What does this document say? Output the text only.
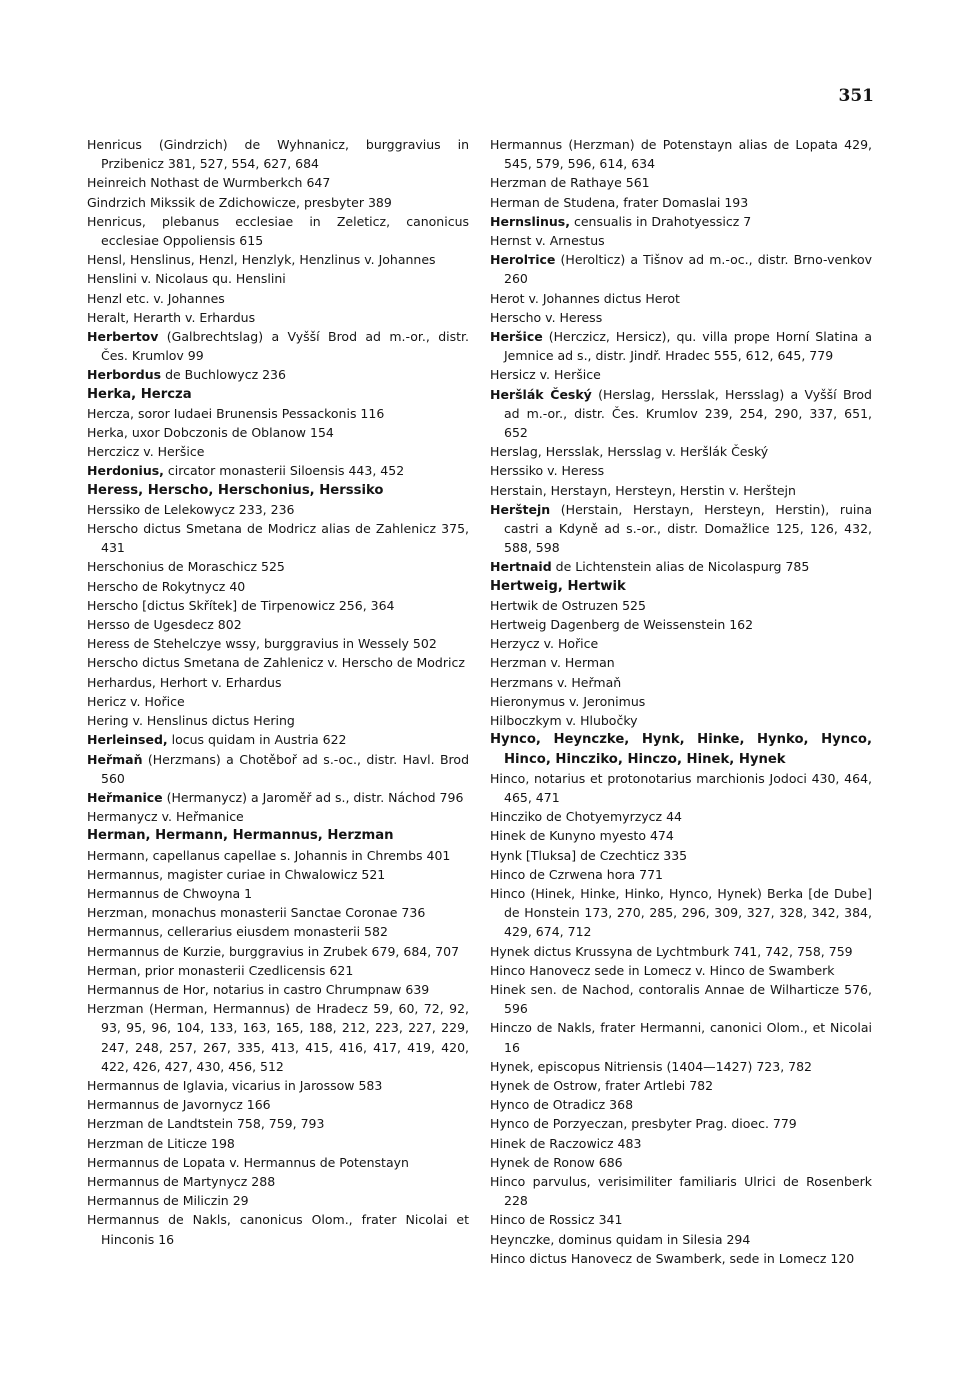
351
Henricus (Gindrzich) de Wyhnanicz, burggravius in Przibenicz 381, 527, 554, 627, 684
Heinreich Nothast de Wurmberkch 647
Gindrzich Mikssik de Zdichowicze, presbyter 389
Henricus, plebanus ecclesiae in Zeleticz, canonicus ecclesiae Oppoliensis 615
Hensl, Henslinus, Henzl, Henzlyk, Henzlinus v. Johannes
Henslini v. Nicolaus qu. Henslini
Henzl etc. v. Johannes
Heralt, Herarth v. Erhardus
Herbertov (Galbrechtslag) a Vyšší Brod ad m.-or., distr. Čes. Krumlov 99
Herbordus de Buchlowycz 236
Herka, Hercza
Hercza, soror Iudaei Brunensis Pessackonis 116
Herka, uxor Dobczonis de Oblanow 154
Herczicz v. Heršice
Herdonius, circator monasterii Siloensis 443, 452
Heress, Herscho, Herschonius, Herssiko
Herssiko de Lelekowycz 233, 236
Herscho dictus Smetana de Modricz alias de Zahlenicz 375, 431
Herschonius de Moraschicz 525
Herscho de Rokytnycz 40
Herscho [dictus Skřítek] de Tirpenowicz 256, 364
Hersso de Ugesdecz 802
Heress de Stehelczye wssy, burggravius in Wessely 502
Herscho dictus Smetana de Zahlenicz v. Herscho de Modricz
Herhardus, Herhort v. Erhardus
Hericz v. Hořice
Hering v. Henslinus dictus Hering
Herleinsed, locus quidam in Austria 622
Heřmaň (Herzmans) a Chotěboř ad s.-oc., distr. Havl. Brod 560
Heřmanice (Hermanycz) a Jaroměř ad s., distr. Náchod 796
Hermanycz v. Heřmanice
Herman, Hermann, Hermannus, Herzman
Hermann, capellanus capellae s. Johannis in Chrembs 401
Hermannus, magister curiae in Chwalowicz 521
Hermannus de Chwoyna 1
Herzman, monachus monasterii Sanctae Coronae 736
Hermannus, cellerarius eiusdem monasterii 582
Hermannus de Kurzie, burggravius in Zrubek 679, 684, 707
Herman, prior monasterii Czedlicensis 621
Hermannus de Hor, notarius in castro Chrumpnaw 639
Herzman (Herman, Hermannus) de Hradecz 59, 60, 72, 92, 93, 95, 96, 104, 133, 163, 165, 188, 212, 223, 227, 229, 247, 248, 257, 267, 335, 413, 415, 416, 417, 419, 420, 422, 426, 427, 430, 456, 512
Hermannus de Iglavia, vicarius in Jarossow 583
Hermannus de Javornycz 166
Herzman de Landtstein 758, 759, 793
Herzman de Liticze 198
Hermannus de Lopata v. Hermannus de Potenstayn
Hermannus de Martynycz 288
Hermannus de Miliczin 29
Hermannus de Nakls, canonicus Olom., frater Nicolai et Hinconis 16
Hermannus (Herzman) de Potenstayn alias de Lopata 429, 545, 579, 596, 614, 634
Herzman de Rathaye 561
Herman de Studena, frater Domaslai 193
Hernslinus, censualis in Drahotyessicz 7
Hernst v. Arnestus
Herolтice (Herolticz) a Tišnov ad m.-oc., distr. Brno-venkov 260
Herot v. Johannes dictus Herot
Herscho v. Heress
Heršice (Herczicz, Hersicz), qu. villa prope Horní Slatina a Jemnice ad s., distr. Jindř. Hradec 555, 612, 645, 779
Hersicz v. Heršice
Heršlák Český (Herslag, Hersslak, Hersslag) a Vyšší Brod ad m.-or., distr. Čes. Krumlov 239, 254, 290, 337, 651, 652
Herslag, Hersslak, Hersslag v. Heršlák Český
Herssiko v. Heress
Herstain, Herstayn, Hersteyn, Herstin v. Herštejn
Herštejn (Herstain, Herstayn, Hersteyn, Herstin), ruina castri a Kdyně ad s.-or., distr. Domažlice 125, 126, 432, 588, 598
Hertnaid de Lichtenstein alias de Nicolaspurg 785
Hertweig, Hertwik
Hertwik de Ostruzen 525
Hertweig Dagenberg de Weissenstein 162
Herzycz v. Hořice
Herzman v. Herman
Herzmans v. Heřmaň
Hieronymus v. Jeronimus
Hilboczkym v. Hlubočky
Hynco, Heynczke, Hynk, Hinke, Hynko, Hynco, Hinco, Hincziko, Hinczo, Hinek, Hynek
Hinco, notarius et protonotarius marchionis Jodoci 430, 464, 465, 471
Hincziko de Chotyemyrzycz 44
Hinek de Kunyno myesto 474
Hynk [Tluksa] de Czechticz 335
Hinco de Czrwena hora 771
Hinco (Hinek, Hinke, Hinko, Hynco, Hynek) Berka [de Dube] de Honstein 173, 270, 285, 296, 309, 327, 328, 342, 384, 429, 674, 712
Hynek dictus Krussyna de Lychtmburk 741, 742, 758, 759
Hinco Hanovecz sede in Lomecz v. Hinco de Swamberk
Hinek sen. de Nachod, contoralis Annae de Wilharticze 576, 596
Hinczo de Nakls, frater Hermanni, canonici Olom., et Nicolai 16
Hynek, episcopus Nitriensis (1404—1427) 723, 782
Hynek de Ostrow, frater Artlebi 782
Hynco de Otradicz 368
Hynco de Porzyeczan, presbyter Prag. dioec. 779
Hinek de Raczowicz 483
Hynek de Ronow 686
Hinco parvulus, verisimiliter familiaris Ulrici de Rosenberk 228
Hinco de Rossicz 341
Heynczke, dominus quidam in Silesia 294
Hinco dictus Hanovecz de Swamberk, sede in Lomecz 120
